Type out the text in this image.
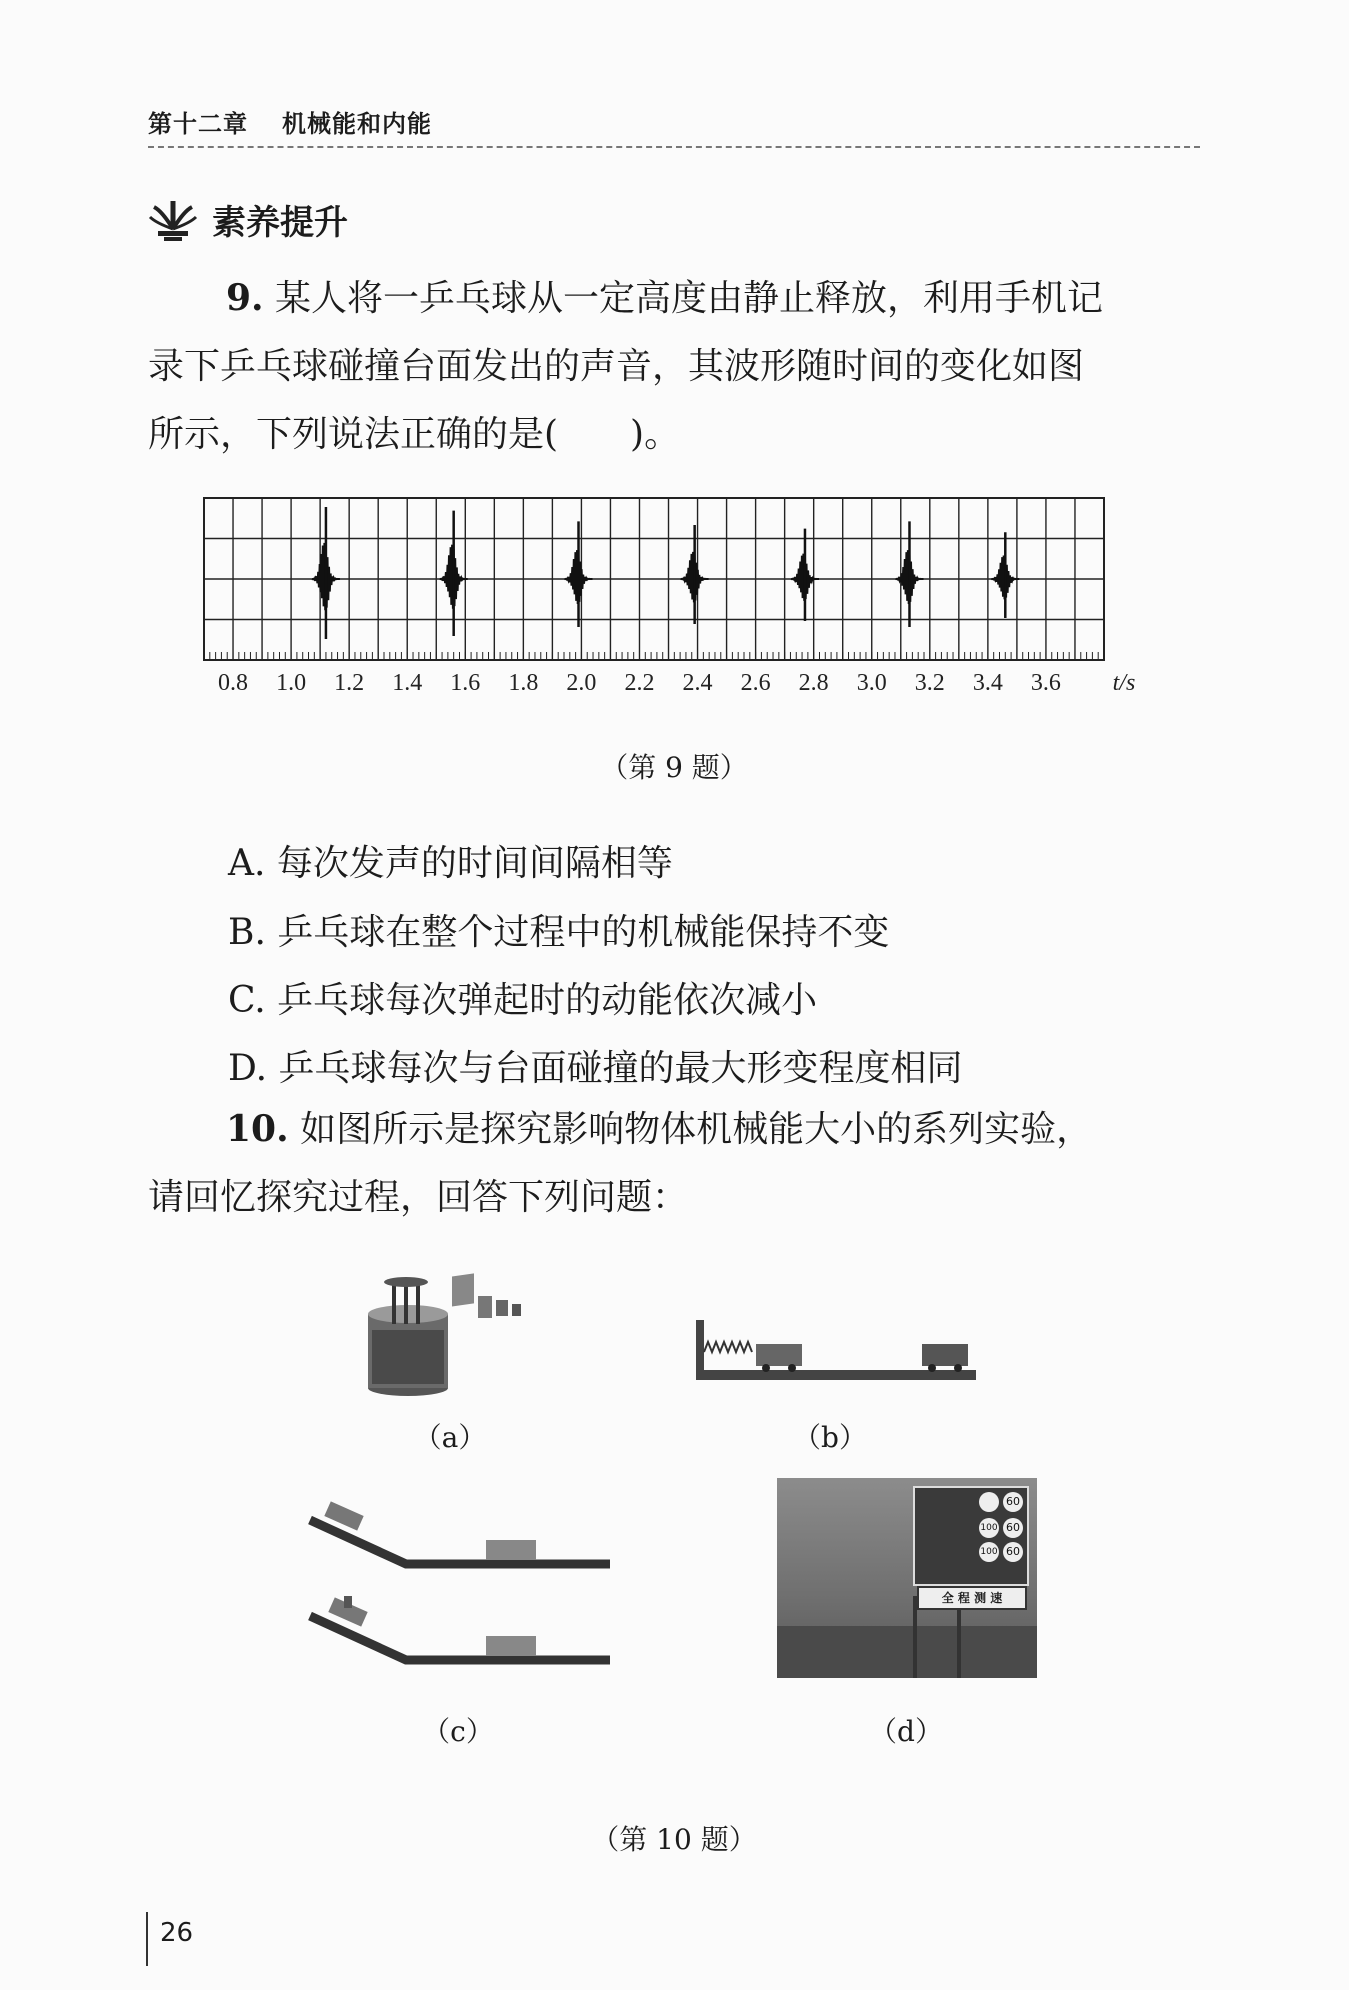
第十二章 机械能和内能
素养提升
9. 某人将一乒乓球从一定高度由静止释放，利用手机记
录下乒乓球碰撞台面发出的声音，其波形随时间的变化如图
所示，下列说法正确的是(　　)。
0.8 1.0 1.2 1.4 1.6 1.8 2.0 2.2 2.4 2.6 2.8 3.0 3.2 3.4 3.6 t/s
（第 9 题）
A. 每次发声的时间间隔相等
B. 乒乓球在整个过程中的机械能保持不变
C. 乒乓球每次弹起时的动能依次减小
D. 乒乓球每次与台面碰撞的最大形变程度相同
10. 如图所示是探究影响物体机械能大小的系列实验，
请回忆探究过程，回答下列问题：
（a）	（b）
（c）
60
100 60
100 60
全 程 测 速
（d）
（第 10 题）
26
